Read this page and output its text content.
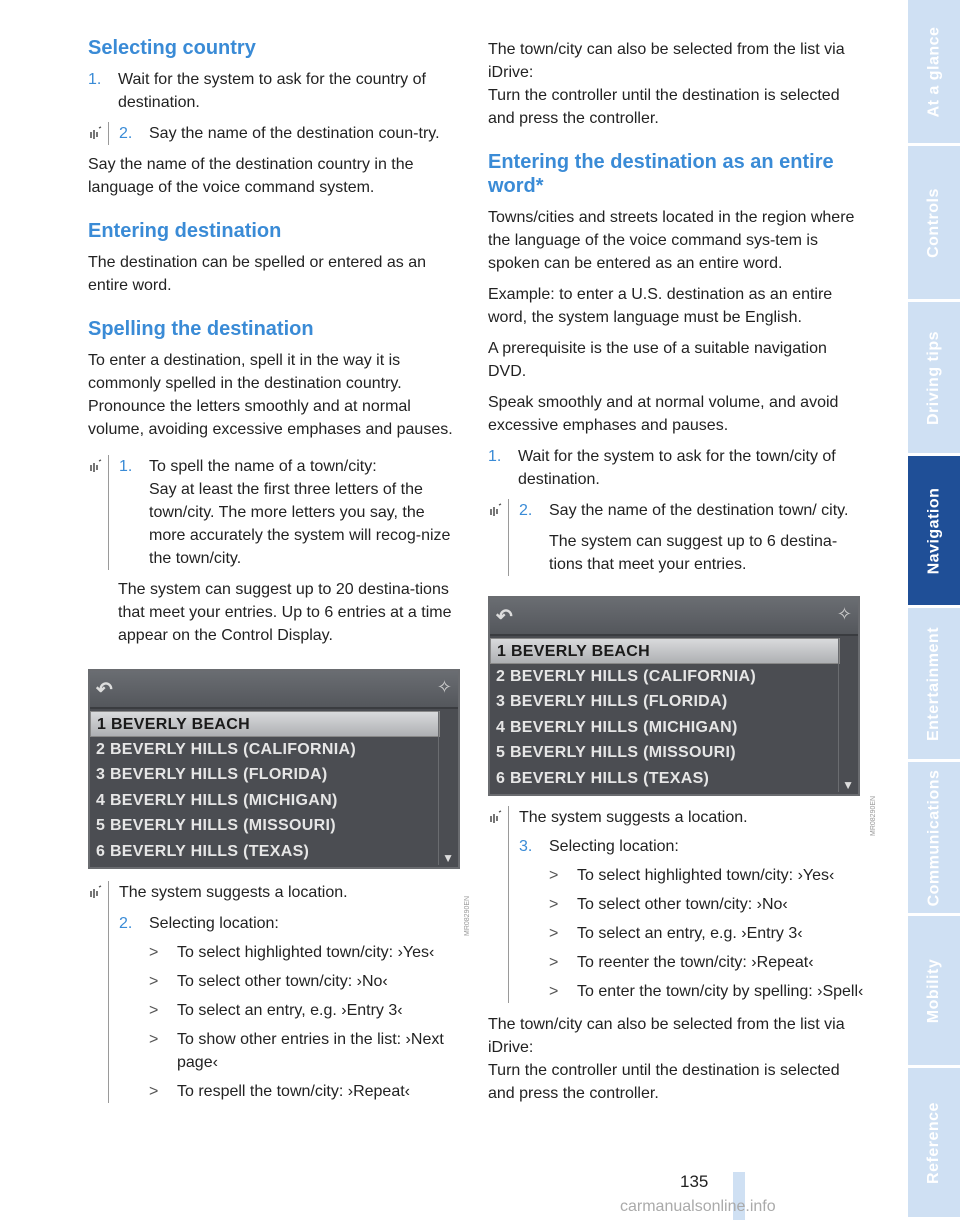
Selecting country
1. Wait for the system to ask for the country of destination.
2. Say the name of the destination coun-try.

Say the name of the destination country in the language of the voice command system.

Entering destination

The destination can be spelled or entered as an entire word.

Spelling the destination

To enter a destination, spell it in the way it is commonly spelled in the destination country. Pronounce the letters smoothly and at normal volume, avoiding excessive emphases and pauses.

1. To spell the name of a town/city:
Say at least the first three letters of the town/city. The more letters you say, the more accurately the system will recog-nize the town/city.

The system can suggest up to 20 destina-tions that meet your entries. Up to 6 entries at a time appear on the Control Display.

↶	✧
1 BEVERLY BEACH
2 BEVERLY HILLS (CALIFORNIA)
3 BEVERLY HILLS (FLORIDA)
4 BEVERLY HILLS (MICHIGAN)
5 BEVERLY HILLS (MISSOURI)
6 BEVERLY HILLS (TEXAS)	▼
MR08290EN

The system suggests a location.

2. Selecting location:
> To select highlighted town/city: ›Yes‹
> To select other town/city: ›No‹
> To select an entry, e.g. ›Entry 3‹
> To show other entries in the list: ›Next page‹
> To respell the town/city: ›Repeat‹

The town/city can also be selected from the list via iDrive:

Turn the controller until the destination is selected and press the controller.

Entering the destination as an entire word*

Towns/cities and streets located in the region where the language of the voice command sys-tem is spoken can be entered as an entire word.

Example: to enter a U.S. destination as an entire word, the system language must be English.

A prerequisite is the use of a suitable navigation DVD.

Speak smoothly and at normal volume, and avoid excessive emphases and pauses.

1. Wait for the system to ask for the town/city of destination.
2. Say the name of the destination town/ city.

The system can suggest up to 6 destina-tions that meet your entries.

↶	✧
1 BEVERLY BEACH
2 BEVERLY HILLS (CALIFORNIA)
3 BEVERLY HILLS (FLORIDA)
4 BEVERLY HILLS (MICHIGAN)
5 BEVERLY HILLS (MISSOURI)
6 BEVERLY HILLS (TEXAS)	▼
MR08290EN

The system suggests a location.

3. Selecting location:
> To select highlighted town/city: ›Yes‹
> To select other town/city: ›No‹
> To select an entry, e.g. ›Entry 3‹
> To reenter the town/city: ›Repeat‹
> To enter the town/city by spelling: ›Spell‹

The town/city can also be selected from the list via iDrive:

Turn the controller until the destination is selected and press the controller.

At a glance
Controls
Driving tips
Navigation
Entertainment
Communications
Mobility
Reference
135
carmanualsonline.info
